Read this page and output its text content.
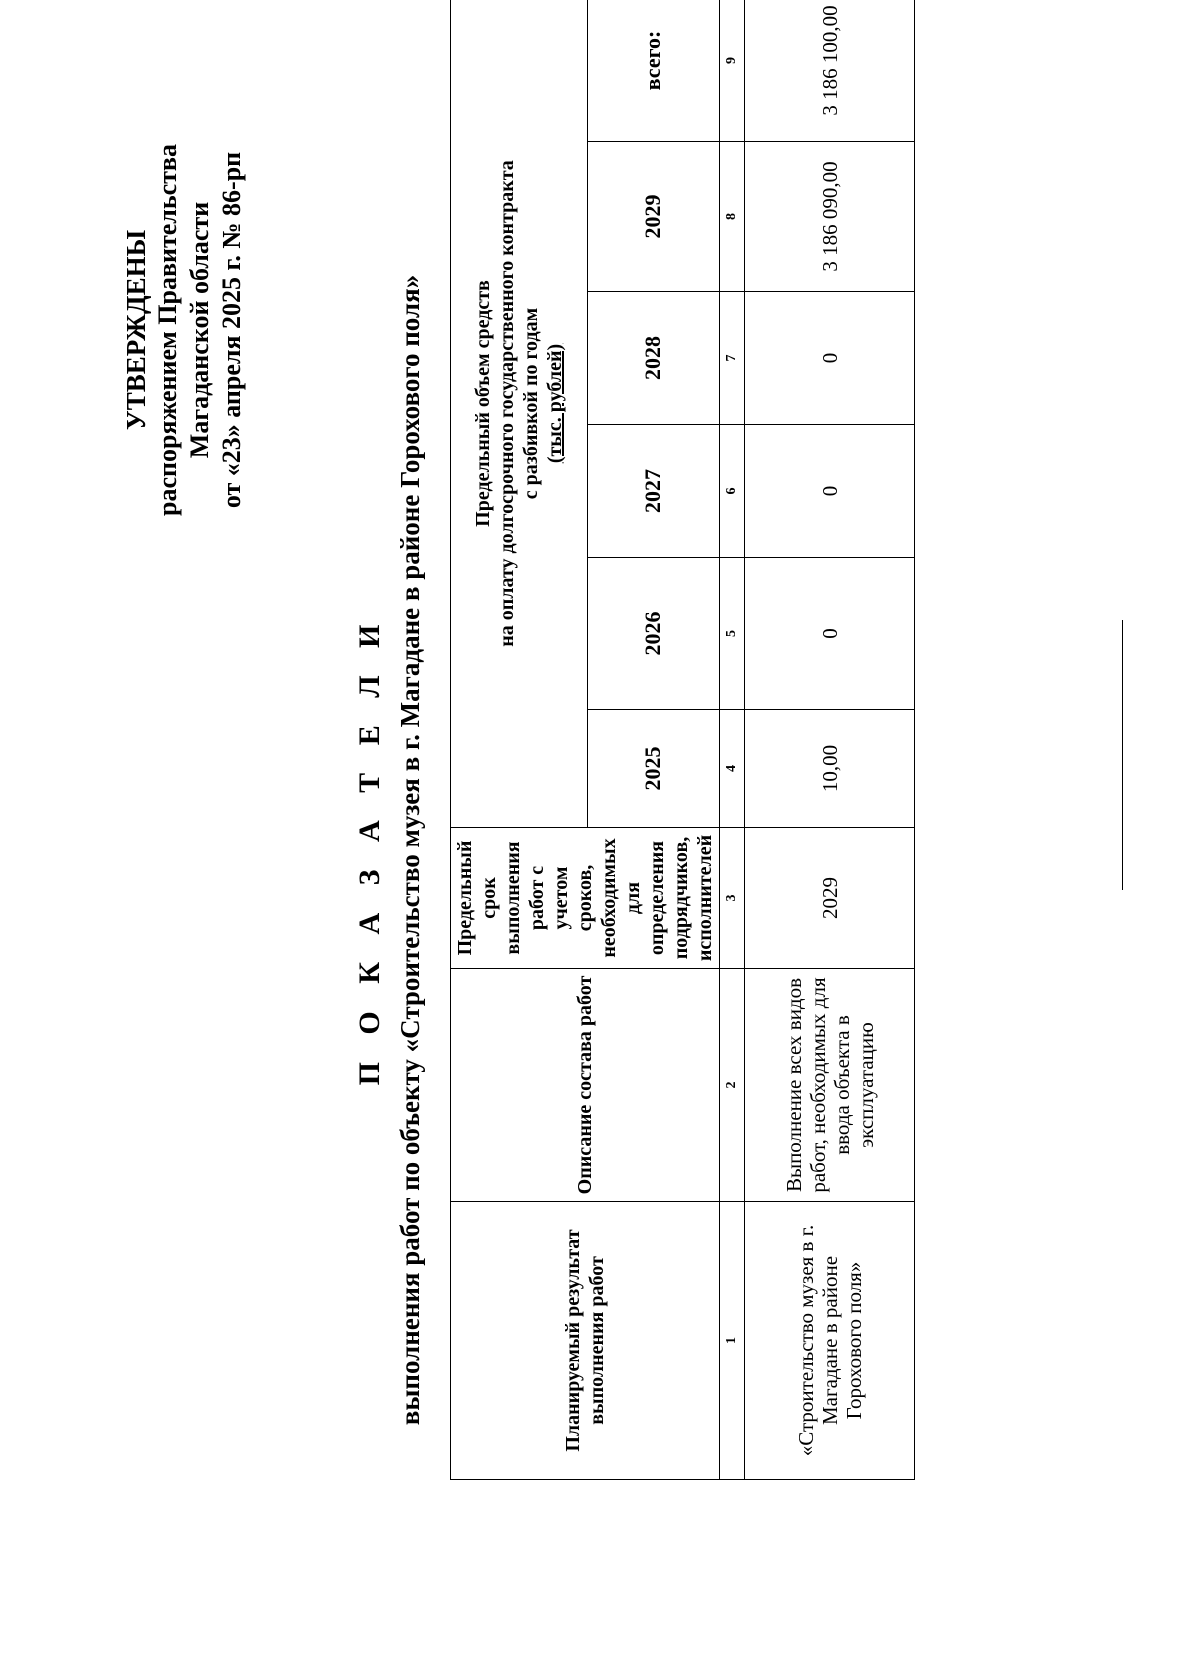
УТВЕРЖДЕНЫ распоряжением Правительства Магаданской области от «23» апреля 2025 г. № 86-рп
П О К А З А Т Е Л И выполнения работ по объекту «Строительство музея в г. Магадане в районе Горохового поля»	Планируемый результат выполнения работ	Описание состава работ	Предельный срок выполнения работ с учетом сроков, необходимых для определения подрядчиков, исполнителей	Предельный объем средств на оплату долгосрочного государственного контракта с разбивкой по годам (тыс. рублей)					

			2025	2026	2027	2028	2029	всего:
1	2	3	4	5	6	7	8	9
«Строительство музея в г. Магадане в районе Горохового поля»	Выполнение всех видов работ, необходимых для ввода объекта в эксплуатацию	2029	10,00	0	0	0	3 186 090,00	3 186 100,00
